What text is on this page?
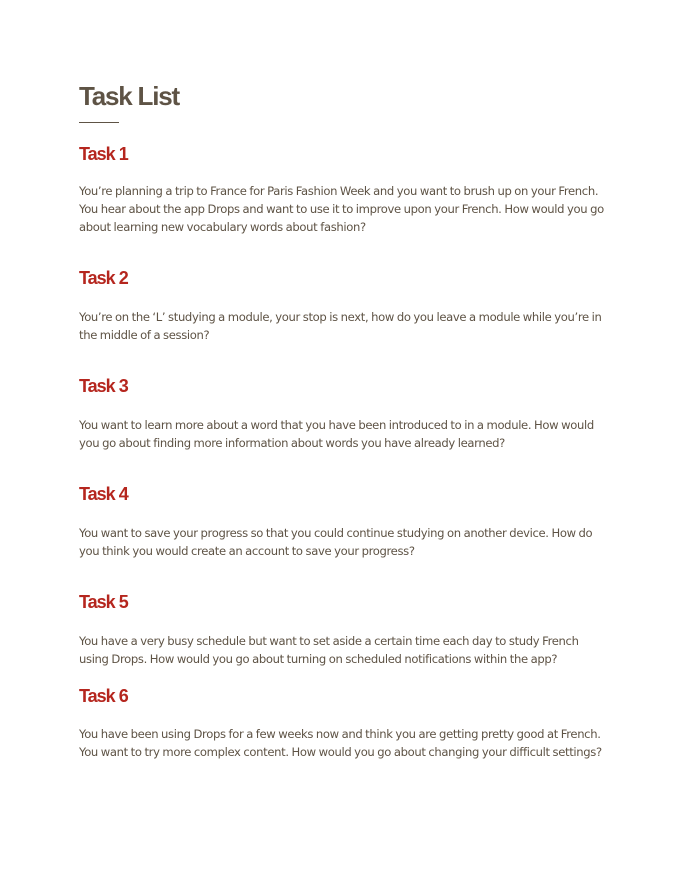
Task List
Task 1

You’re planning a trip to France for Paris Fashion Week and you want to brush up on your French. You hear about the app Drops and want to use it to improve upon your French. How would you go about learning new vocabulary words about fashion?

Task 2

You’re on the ‘L’ studying a module, your stop is next, how do you leave a module while you’re in the middle of a session?

Task 3

You want to learn more about a word that you have been introduced to in a module. How would you go about finding more information about words you have already learned?

Task 4

You want to save your progress so that you could continue studying on another device. How do you think you would create an account to save your progress?

Task 5

You have a very busy schedule but want to set aside a certain time each day to study French using Drops. How would you go about turning on scheduled notifications within the app?

Task 6

You have been using Drops for a few weeks now and think you are getting pretty good at French. You want to try more complex content. How would you go about changing your difficult settings?
